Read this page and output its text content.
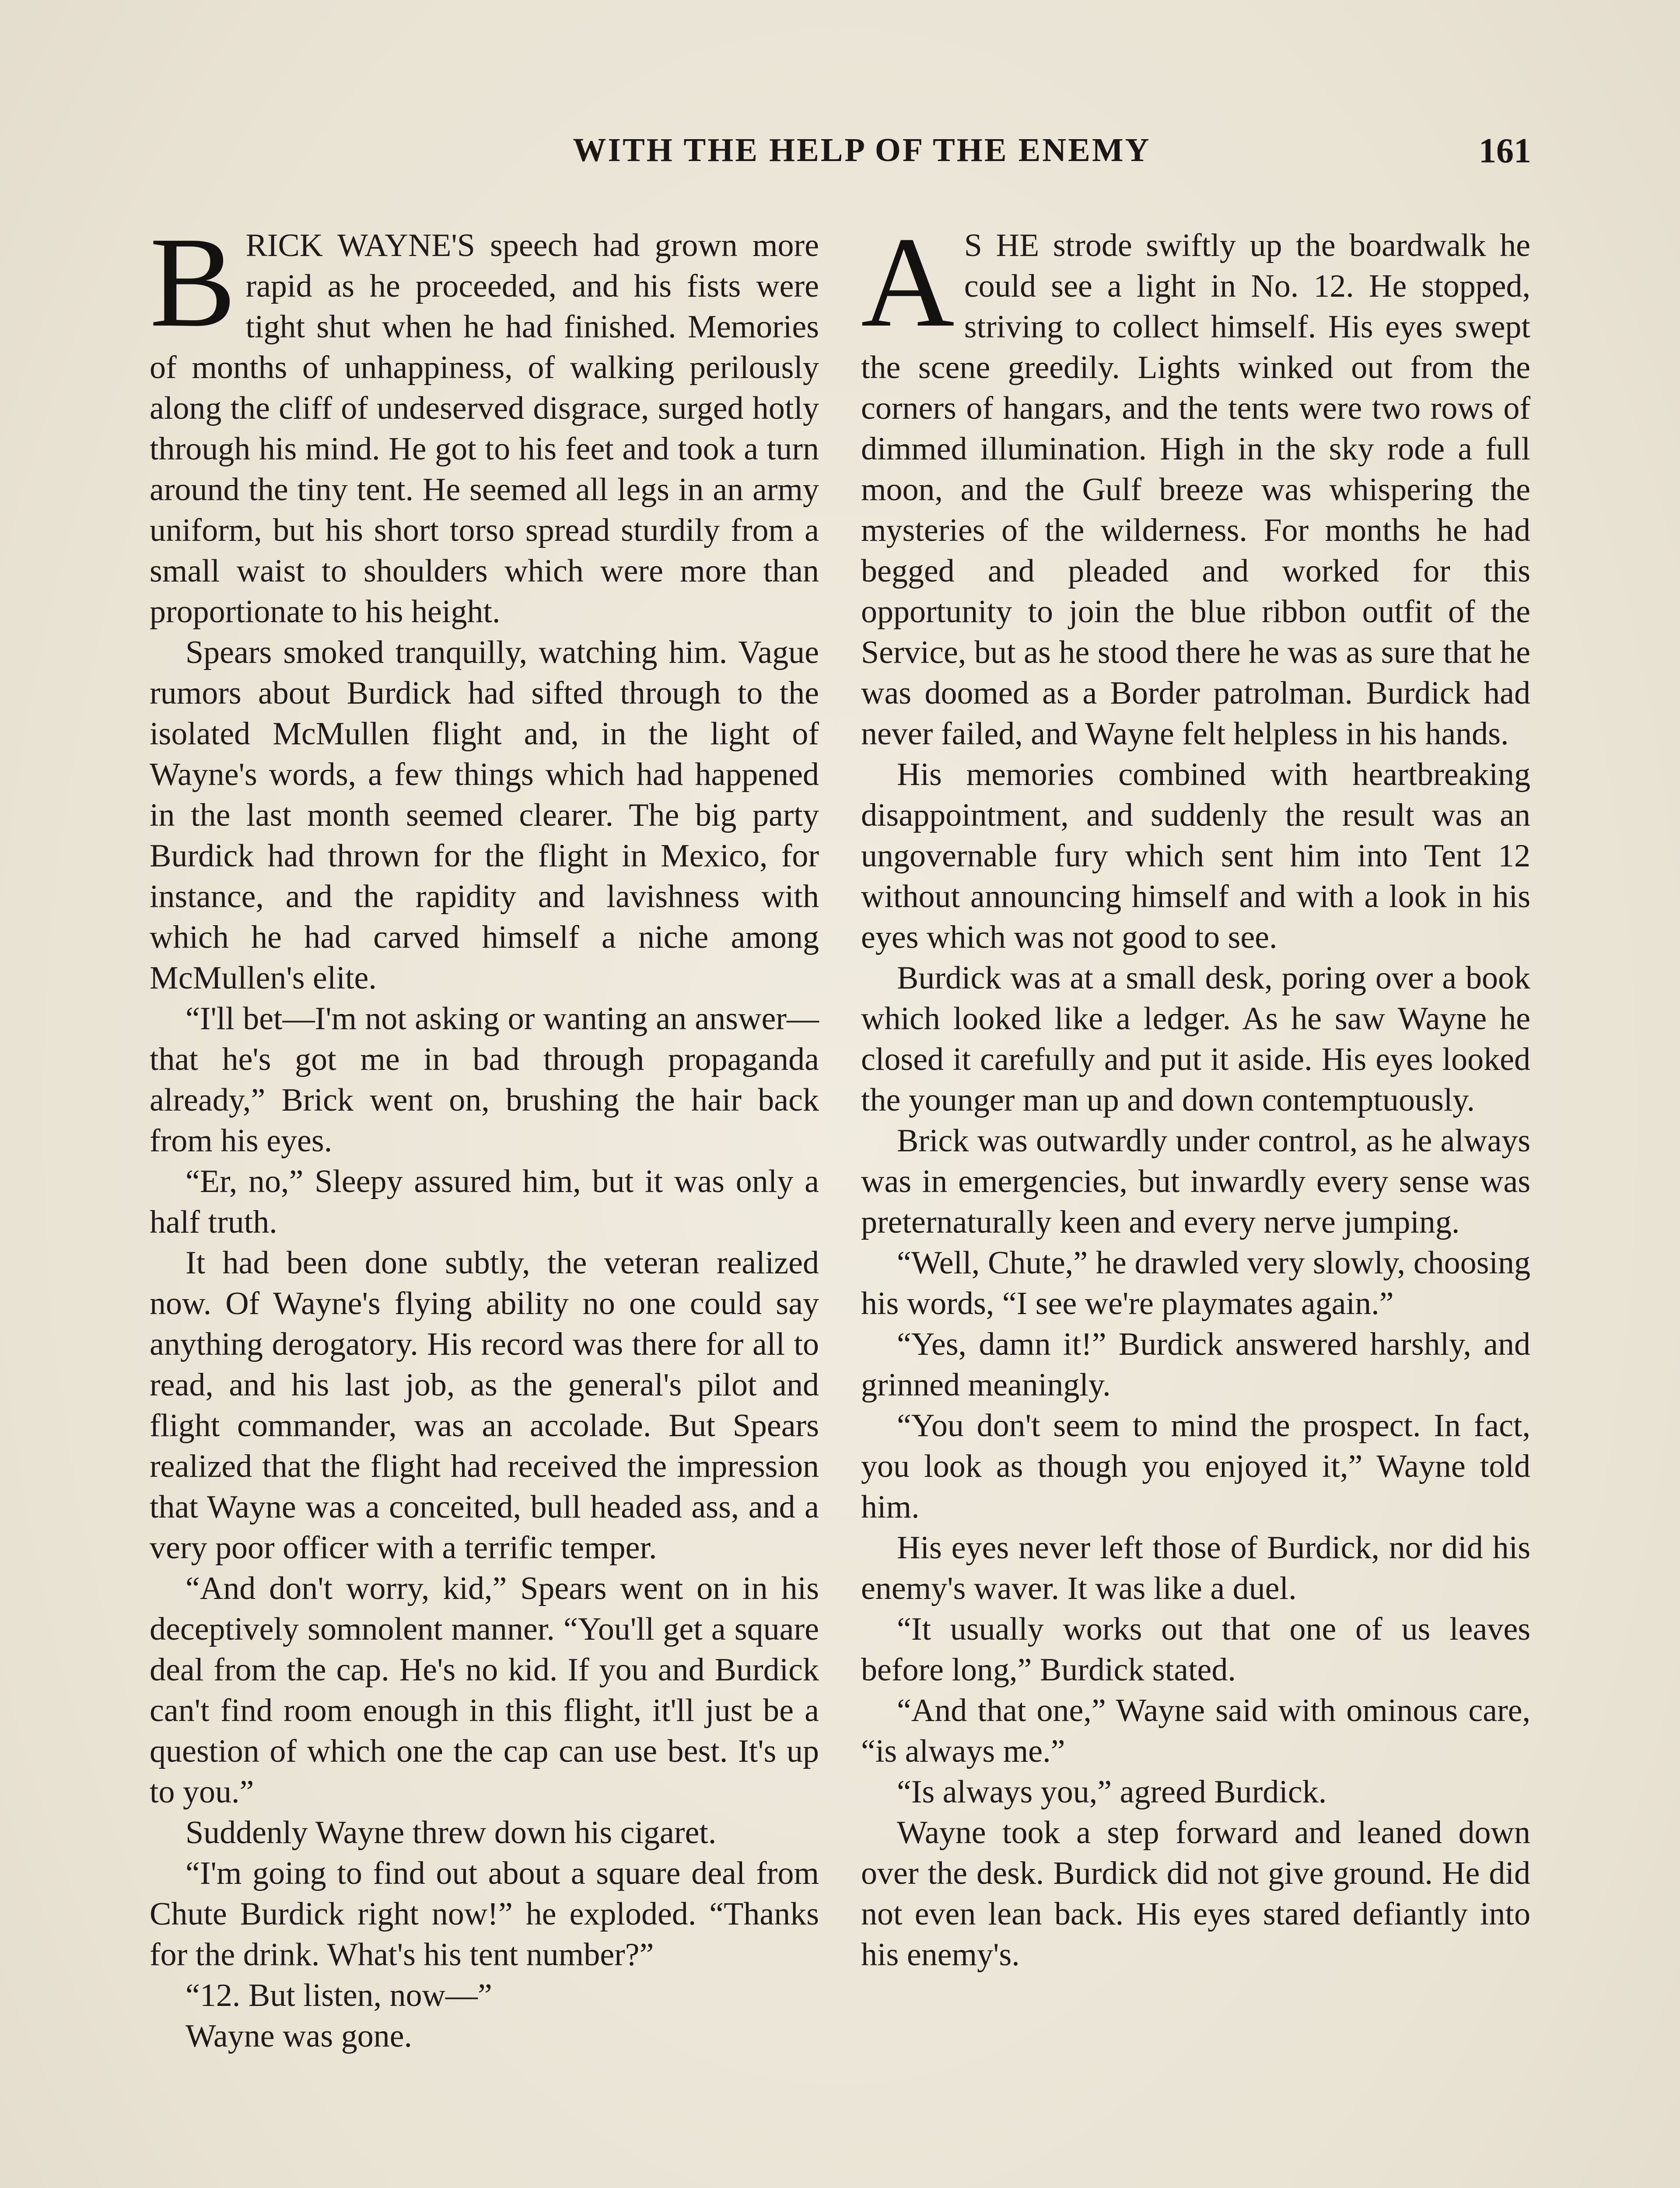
WITH THE HELP OF THE ENEMY	161

BRICK WAYNE'S speech had grown more rapid as he proceeded, and his fists were tight shut when he had finished. Memories of months of unhappiness, of walking perilously along the cliff of undeserved disgrace, surged hotly through his mind. He got to his feet and took a turn around the tiny tent. He seemed all legs in an army uniform, but his short torso spread sturdily from a small waist to shoulders which were more than proportionate to his height.

Spears smoked tranquilly, watching him. Vague rumors about Burdick had sifted through to the isolated McMullen flight and, in the light of Wayne's words, a few things which had happened in the last month seemed clearer. The big party Burdick had thrown for the flight in Mexico, for instance, and the rapidity and lavishness with which he had carved himself a niche among McMullen's elite.

“I'll bet—I'm not asking or wanting an answer—that he's got me in bad through propaganda already,” Brick went on, brushing the hair back from his eyes.

“Er, no,” Sleepy assured him, but it was only a half truth.

It had been done subtly, the veteran realized now. Of Wayne's flying ability no one could say anything derogatory. His record was there for all to read, and his last job, as the general's pilot and flight commander, was an accolade. But Spears realized that the flight had received the impression that Wayne was a conceited, bull headed ass, and a very poor officer with a terrific temper.

“And don't worry, kid,” Spears went on in his deceptively somnolent manner. “You'll get a square deal from the cap. He's no kid. If you and Burdick can't find room enough in this flight, it'll just be a question of which one the cap can use best. It's up to you.”

Suddenly Wayne threw down his cigaret.

“I'm going to find out about a square deal from Chute Burdick right now!” he exploded. “Thanks for the drink. What's his tent number?”

“12. But listen, now—”

Wayne was gone.

A S HE strode swiftly up the boardwalk he could see a light in No. 12. He stopped, striving to collect himself. His eyes swept the scene greedily. Lights winked out from the corners of hangars, and the tents were two rows of dimmed illumination. High in the sky rode a full moon, and the Gulf breeze was whispering the mysteries of the wilderness. For months he had begged and pleaded and worked for this opportunity to join the blue ribbon outfit of the Service, but as he stood there he was as sure that he was doomed as a Border patrolman. Burdick had never failed, and Wayne felt helpless in his hands.

His memories combined with heartbreaking disappointment, and suddenly the result was an ungovernable fury which sent him into Tent 12 without announcing himself and with a look in his eyes which was not good to see.

Burdick was at a small desk, poring over a book which looked like a ledger. As he saw Wayne he closed it carefully and put it aside. His eyes looked the younger man up and down contemptuously.

Brick was outwardly under control, as he always was in emergencies, but inwardly every sense was preternaturally keen and every nerve jumping.

“Well, Chute,” he drawled very slowly, choosing his words, “I see we're playmates again.”

“Yes, damn it!” Burdick answered harshly, and grinned meaningly.

“You don't seem to mind the prospect. In fact, you look as though you enjoyed it,” Wayne told him.

His eyes never left those of Burdick, nor did his enemy's waver. It was like a duel.

“It usually works out that one of us leaves before long,” Burdick stated.

“And that one,” Wayne said with ominous care, “is always me.”

“Is always you,” agreed Burdick.

Wayne took a step forward and leaned down over the desk. Burdick did not give ground. He did not even lean back. His eyes stared defiantly into his enemy's.
